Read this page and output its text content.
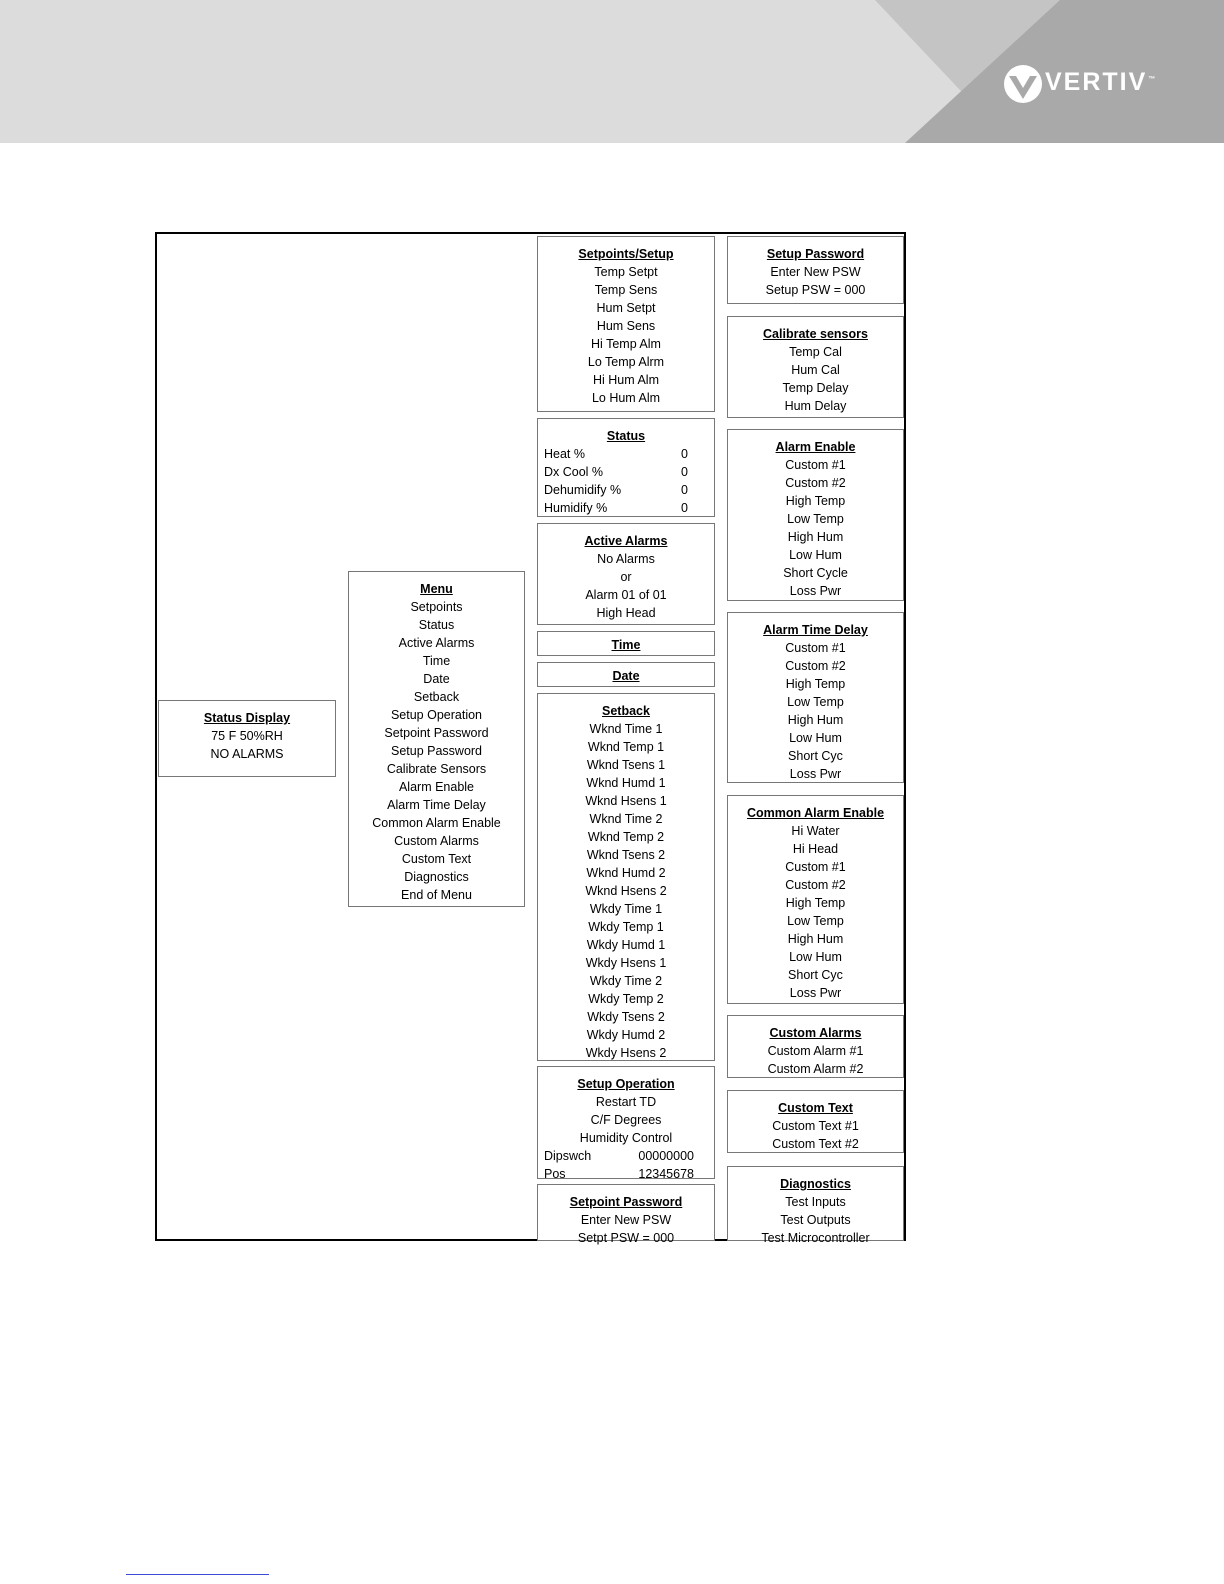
VERTIV™
Status Display
75 F 50%RH
NO ALARMS
Menu
Setpoints
Status
Active Alarms
Time
Date
Setback
Setup Operation
Setpoint Password
Setup Password
Calibrate Sensors
Alarm Enable
Alarm Time Delay
Common Alarm Enable
Custom Alarms
Custom Text
Diagnostics
End of Menu
Setpoints/Setup
Temp Setpt
Temp Sens
Hum Setpt
Hum Sens
Hi Temp Alm
Lo Temp Alrm
Hi Hum Alm
Lo Hum Alm
Status
Heat %	0
Dx Cool %	0
Dehumidify %	0
Humidify %	0
Active Alarms
No Alarms
or
Alarm 01 of 01
High Head
Time
Date
Setback
Wknd Time 1
Wknd Temp 1
Wknd Tsens 1
Wknd Humd 1
Wknd Hsens 1
Wknd Time 2
Wknd Temp 2
Wknd Tsens 2
Wknd Humd 2
Wknd Hsens 2
Wkdy Time 1
Wkdy Temp 1
Wkdy Humd 1
Wkdy Hsens 1
Wkdy Time 2
Wkdy Temp 2
Wkdy Tsens 2
Wkdy Humd 2
Wkdy Hsens 2
Setup Operation
Restart TD
C/F Degrees
Humidity Control
Dipswch	00000000
Pos	12345678
Setpoint Password
Enter New PSW
Setpt PSW = 000
Setup Password
Enter New PSW
Setup PSW = 000
Calibrate sensors
Temp Cal
Hum Cal
Temp Delay
Hum Delay
Alarm Enable
Custom #1
Custom #2
High Temp
Low Temp
High Hum
Low Hum
Short Cycle
Loss Pwr
Alarm Time Delay
Custom #1
Custom #2
High Temp
Low Temp
High Hum
Low Hum
Short Cyc
Loss Pwr
Common Alarm Enable
Hi Water
Hi Head
Custom #1
Custom #2
High Temp
Low Temp
High Hum
Low Hum
Short Cyc
Loss Pwr
Custom Alarms
Custom Alarm #1
Custom Alarm #2
Custom Text
Custom Text #1
Custom Text #2
Diagnostics
Test Inputs
Test Outputs
Test Microcontroller
